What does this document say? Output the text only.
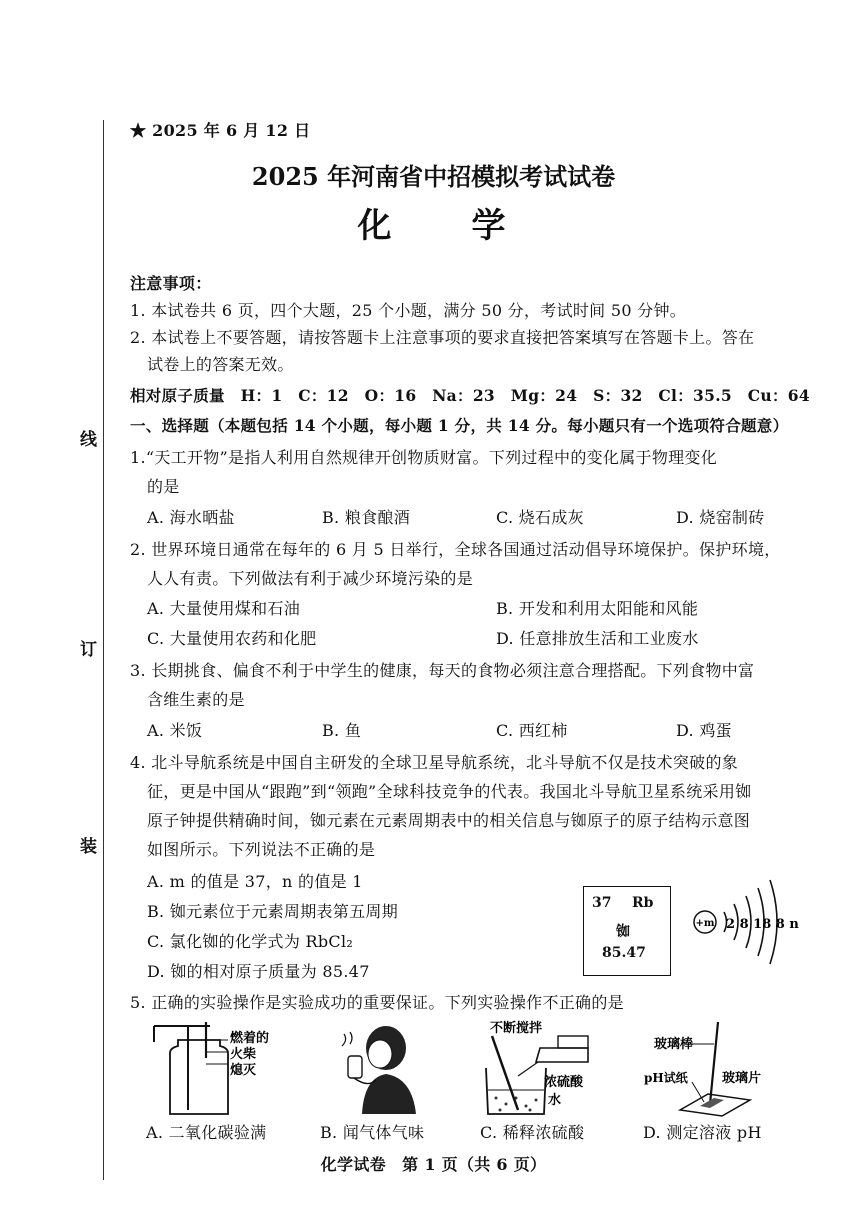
线
订
装
★ 2025 年 6 月 12 日
2025 年河南省中招模拟考试试卷
化　　学
注意事项：
1. 本试卷共 6 页，四个大题，25 个小题，满分 50 分，考试时间 50 分钟。
2. 本试卷上不要答题，请按答题卡上注意事项的要求直接把答案填写在答题卡上。答在
试卷上的答案无效。
相对原子质量　H：1　C：12　O：16　Na：23　Mg：24　S：32　Cl：35.5　Cu：64
一、选择题（本题包括 14 个小题，每小题 1 分，共 14 分。每小题只有一个选项符合题意）
1.“天工开物”是指人利用自然规律开创物质财富。下列过程中的变化属于物理变化
的是
A. 海水晒盐	B. 粮食酿酒	C. 烧石成灰	D. 烧窑制砖
2. 世界环境日通常在每年的 6 月 5 日举行，全球各国通过活动倡导环境保护。保护环境，
人人有责。下列做法有利于减少环境污染的是
A. 大量使用煤和石油	B. 开发和利用太阳能和风能
C. 大量使用农药和化肥	D. 任意排放生活和工业废水
3. 长期挑食、偏食不利于中学生的健康，每天的食物必须注意合理搭配。下列食物中富
含维生素的是
A. 米饭	B. 鱼	C. 西红柿	D. 鸡蛋
4. 北斗导航系统是中国自主研发的全球卫星导航系统，北斗导航不仅是技术突破的象
征，更是中国从“跟跑”到“领跑”全球科技竞争的代表。我国北斗导航卫星系统采用铷
原子钟提供精确时间，铷元素在元素周期表中的相关信息与铷原子的原子结构示意图
如图所示。下列说法不正确的是
A. m 的值是 37，n 的值是 1
B. 铷元素位于元素周期表第五周期
C. 氯化铷的化学式为 RbCl₂
D. 铷的相对原子质量为 85.47
37 Rb
铷
85.47
+m 2 8 18 8 n
5. 正确的实验操作是实验成功的重要保证。下列实验操作不正确的是
燃着的
火柴
熄灭
不断搅拌
浓硫酸
水
玻璃棒
pH试纸	玻璃片
A. 二氧化碳验满	B. 闻气体气味	C. 稀释浓硫酸	D. 测定溶液 pH
化学试卷　第 1 页（共 6 页）
